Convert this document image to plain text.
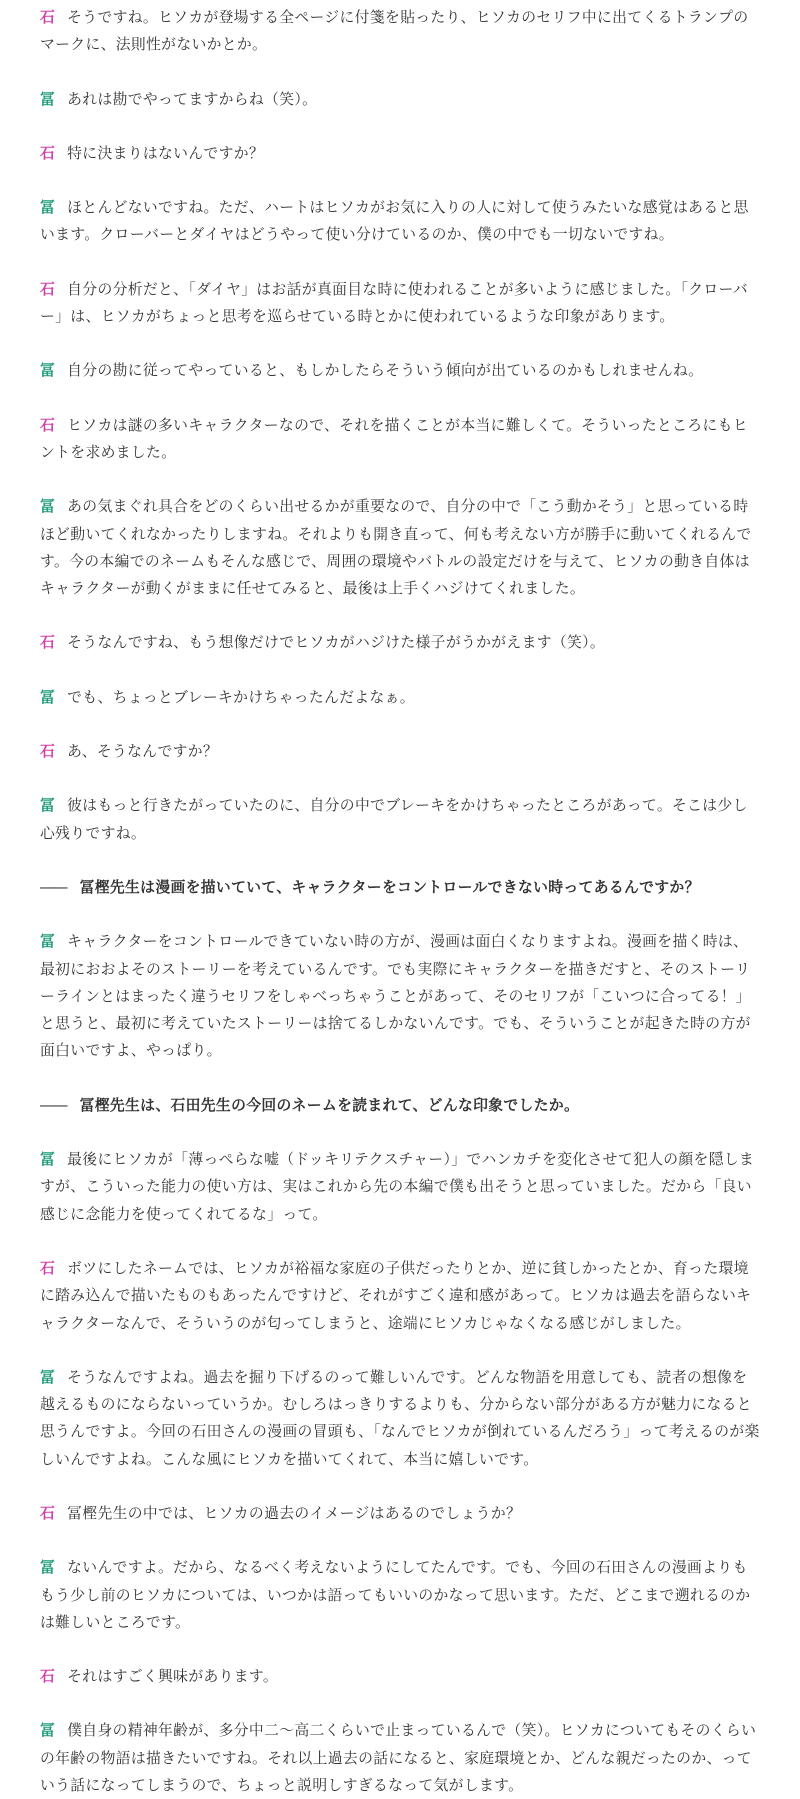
石 そうですね。ヒソカが登場する全ページに付箋を貼ったり、ヒソカのセリフ中に出てくるトランプのマークに、法則性がないかとか。

冨 あれは勘でやってますからね（笑）。

石 特に決まりはないんですか？

冨 ほとんどないですね。ただ、ハートはヒソカがお気に入りの人に対して使うみたいな感覚はあると思います。クローバーとダイヤはどうやって使い分けているのか、僕の中でも一切ないですね。

石 自分の分析だと、「ダイヤ」はお話が真面目な時に使われることが多いように感じました。「クローバー」は、ヒソカがちょっと思考を巡らせている時とかに使われているような印象があります。

冨 自分の勘に従ってやっていると、もしかしたらそういう傾向が出ているのかもしれませんね。

石 ヒソカは謎の多いキャラクターなので、それを描くことが本当に難しくて。そういったところにもヒントを求めました。

冨 あの気まぐれ具合をどのくらい出せるかが重要なので、自分の中で「こう動かそう」と思っている時ほど動いてくれなかったりしますね。それよりも開き直って、何も考えない方が勝手に動いてくれるんです。今の本編でのネームもそんな感じで、周囲の環境やバトルの設定だけを与えて、ヒソカの動き自体はキャラクターが動くがままに任せてみると、最後は上手くハジけてくれました。

石 そうなんですね、もう想像だけでヒソカがハジけた様子がうかがえます（笑）。

冨 でも、ちょっとブレーキかけちゃったんだよなぁ。

石 あ、そうなんですか？

冨 彼はもっと行きたがっていたのに、自分の中でブレーキをかけちゃったところがあって。そこは少し心残りですね。

―― 冨樫先生は漫画を描いていて、キャラクターをコントロールできない時ってあるんですか？

冨 キャラクターをコントロールできていない時の方が、漫画は面白くなりますよね。漫画を描く時は、最初におおよそのストーリーを考えているんです。でも実際にキャラクターを描きだすと、そのストーリーラインとはまったく違うセリフをしゃべっちゃうことがあって、そのセリフが「こいつに合ってる！」と思うと、最初に考えていたストーリーは捨てるしかないんです。でも、そういうことが起きた時の方が面白いですよ、やっぱり。

―― 冨樫先生は、石田先生の今回のネームを読まれて、どんな印象でしたか。

冨 最後にヒソカが「薄っぺらな嘘（ドッキリテクスチャー）」でハンカチを変化させて犯人の顔を隠しますが、こういった能力の使い方は、実はこれから先の本編で僕も出そうと思っていました。だから「良い感じに念能力を使ってくれてるな」って。

石 ボツにしたネームでは、ヒソカが裕福な家庭の子供だったりとか、逆に貧しかったとか、育った環境に踏み込んで描いたものもあったんですけど、それがすごく違和感があって。ヒソカは過去を語らないキャラクターなんで、そういうのが匂ってしまうと、途端にヒソカじゃなくなる感じがしました。

冨 そうなんですよね。過去を掘り下げるのって難しいんです。どんな物語を用意しても、読者の想像を越えるものにならないっていうか。むしろはっきりするよりも、分からない部分がある方が魅力になると思うんですよ。今回の石田さんの漫画の冒頭も、「なんでヒソカが倒れているんだろう」って考えるのが楽しいんですよね。こんな風にヒソカを描いてくれて、本当に嬉しいです。

石 冨樫先生の中では、ヒソカの過去のイメージはあるのでしょうか？

冨 ないんですよ。だから、なるべく考えないようにしてたんです。でも、今回の石田さんの漫画よりももう少し前のヒソカについては、いつかは語ってもいいのかなって思います。ただ、どこまで遡れるのかは難しいところです。

石 それはすごく興味があります。

冨 僕自身の精神年齢が、多分中二〜高二くらいで止まっているんで（笑）。ヒソカについてもそのくらいの年齢の物語は描きたいですね。それ以上過去の話になると、家庭環境とか、どんな親だったのか、っていう話になってしまうので、ちょっと説明しすぎるなって気がします。
